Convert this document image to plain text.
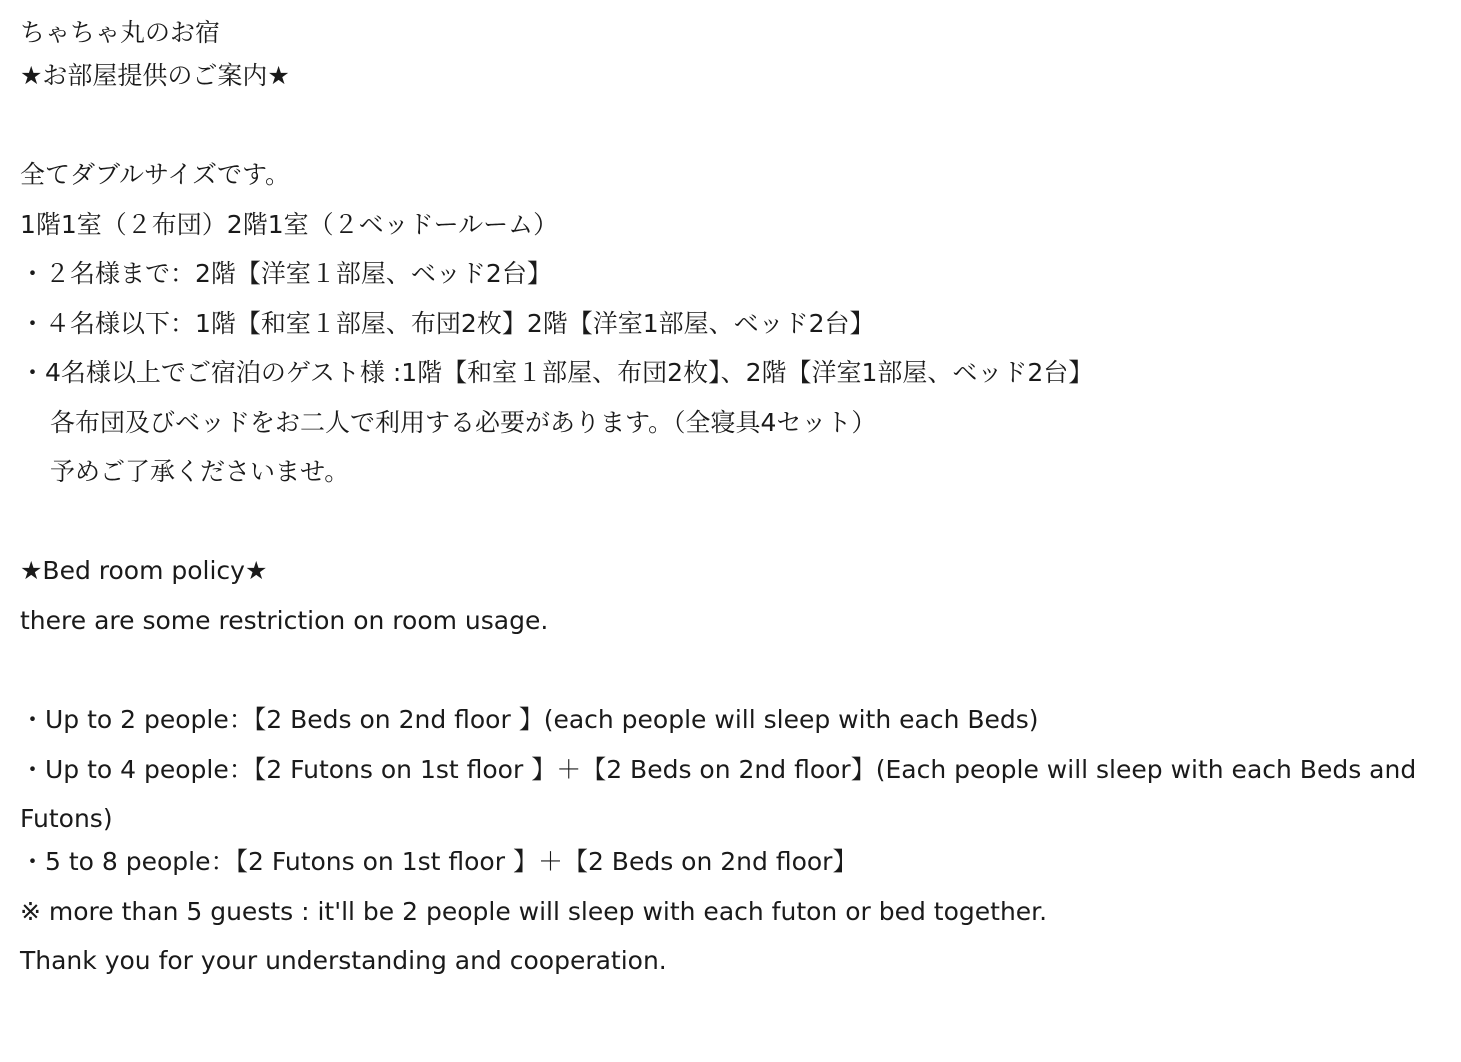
ちゃちゃ丸のお宿
★お部屋提供のご案内★
全てダブルサイズです。
1階1室（２布団）2階1室（２ベッドールーム）
・２名様まで：2階【洋室１部屋、ベッド2台】
・４名様以下：1階【和室１部屋、布団2枚】2階【洋室1部屋、ベッド2台】
・4名様以上でご宿泊のゲスト様 :1階【和室１部屋、布団2枚】、2階【洋室1部屋、ベッド2台】
各布団及びベッドをお二人で利用する必要があります。（全寝具4セット）
予めご了承くださいませ。
★Bed room policy★
there are some restriction on room usage.
・Up to 2 people：【2 Beds on 2nd floor 】(each people will sleep with each Beds)
・Up to 4 people：【2 Futons on 1st floor 】＋【2 Beds on 2nd floor】(Each people will sleep with each Beds and Futons)
・5 to 8 people：【2 Futons on 1st floor 】＋【2 Beds on 2nd floor】
※ more than 5 guests : it'll be 2 people will sleep with each futon or bed together.
Thank you for your understanding and cooperation.
